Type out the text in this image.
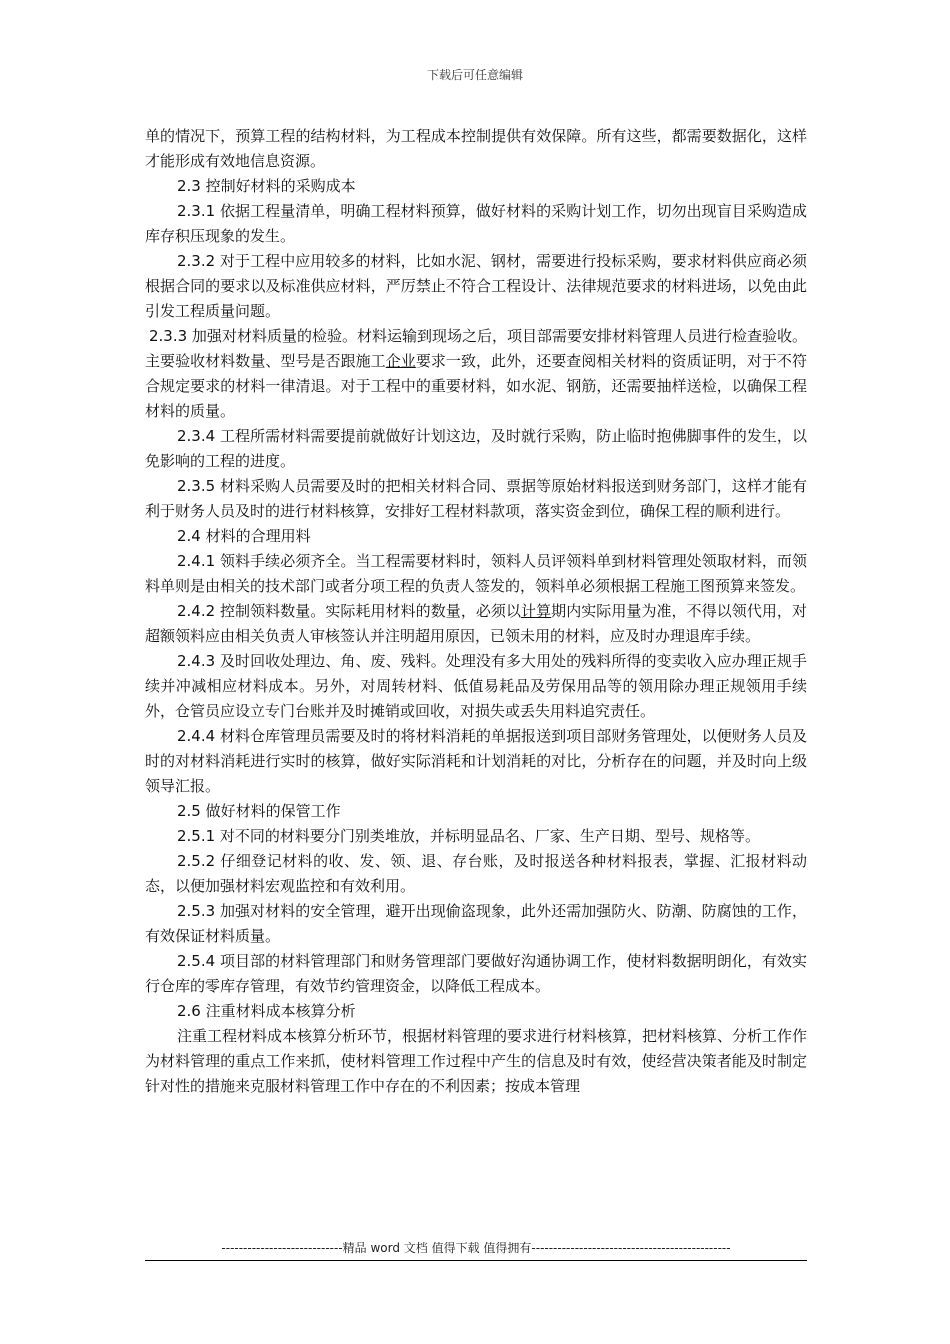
下载后可任意编辑

单的情况下，预算工程的结构材料，为工程成本控制提供有效保障。所有这些，都需要数据化，这样才能形成有效地信息资源。

2.3 控制好材料的采购成本

2.3.1 依据工程量清单，明确工程材料预算，做好材料的采购计划工作，切勿出现盲目采购造成库存积压现象的发生。

2.3.2 对于工程中应用较多的材料，比如水泥、钢材，需要进行投标采购，要求材料供应商必须根据合同的要求以及标准供应材料，严厉禁止不符合工程设计、法律规范要求的材料进场，以免由此引发工程质量问题。

2.3.3 加强对材料质量的检验。材料运输到现场之后，项目部需要安排材料管理人员进行检查验收。主要验收材料数量、型号是否跟施工企业要求一致，此外，还要查阅相关材料的资质证明，对于不符合规定要求的材料一律清退。对于工程中的重要材料，如水泥、钢筋，还需要抽样送检，以确保工程材料的质量。

2.3.4 工程所需材料需要提前就做好计划这边，及时就行采购，防止临时抱佛脚事件的发生，以免影响的工程的进度。

2.3.5 材料采购人员需要及时的把相关材料合同、票据等原始材料报送到财务部门，这样才能有利于财务人员及时的进行材料核算，安排好工程材料款项，落实资金到位，确保工程的顺利进行。

2.4 材料的合理用料

2.4.1 领料手续必须齐全。当工程需要材料时，领料人员评领料单到材料管理处领取材料，而领料单则是由相关的技术部门或者分项工程的负责人签发的，领料单必须根据工程施工图预算来签发。

2.4.2 控制领料数量。实际耗用材料的数量，必须以计算期内实际用量为准，不得以领代用，对超额领料应由相关负责人审核签认并注明超用原因，已领未用的材料，应及时办理退库手续。

2.4.3 及时回收处理边、角、废、残料。处理没有多大用处的残料所得的变卖收入应办理正规手续并冲减相应材料成本。另外，对周转材料、低值易耗品及劳保用品等的领用除办理正规领用手续外，仓管员应设立专门台账并及时摊销或回收，对损失或丢失用料追究责任。

2.4.4 材料仓库管理员需要及时的将材料消耗的单据报送到项目部财务管理处，以便财务人员及时的对材料消耗进行实时的核算，做好实际消耗和计划消耗的对比，分析存在的问题，并及时向上级领导汇报。

2.5 做好材料的保管工作

2.5.1 对不同的材料要分门别类堆放，并标明显品名、厂家、生产日期、型号、规格等。

2.5.2 仔细登记材料的收、发、领、退、存台账，及时报送各种材料报表，掌握、汇报材料动态，以便加强材料宏观监控和有效利用。

2.5.3 加强对材料的安全管理，避开出现偷盗现象，此外还需加强防火、防潮、防腐蚀的工作，有效保证材料质量。

2.5.4 项目部的材料管理部门和财务管理部门要做好沟通协调工作，使材料数据明朗化，有效实行仓库的零库存管理，有效节约管理资金，以降低工程成本。

2.6 注重材料成本核算分析

注重工程材料成本核算分析环节，根据材料管理的要求进行材料核算，把材料核算、分析工作作为材料管理的重点工作来抓，使材料管理工作过程中产生的信息及时有效，使经营决策者能及时制定针对性的措施来克服材料管理工作中存在的不利因素；按成本管理

----------------------------精品 word 文档 值得下载 值得拥有----------------------------------------------
